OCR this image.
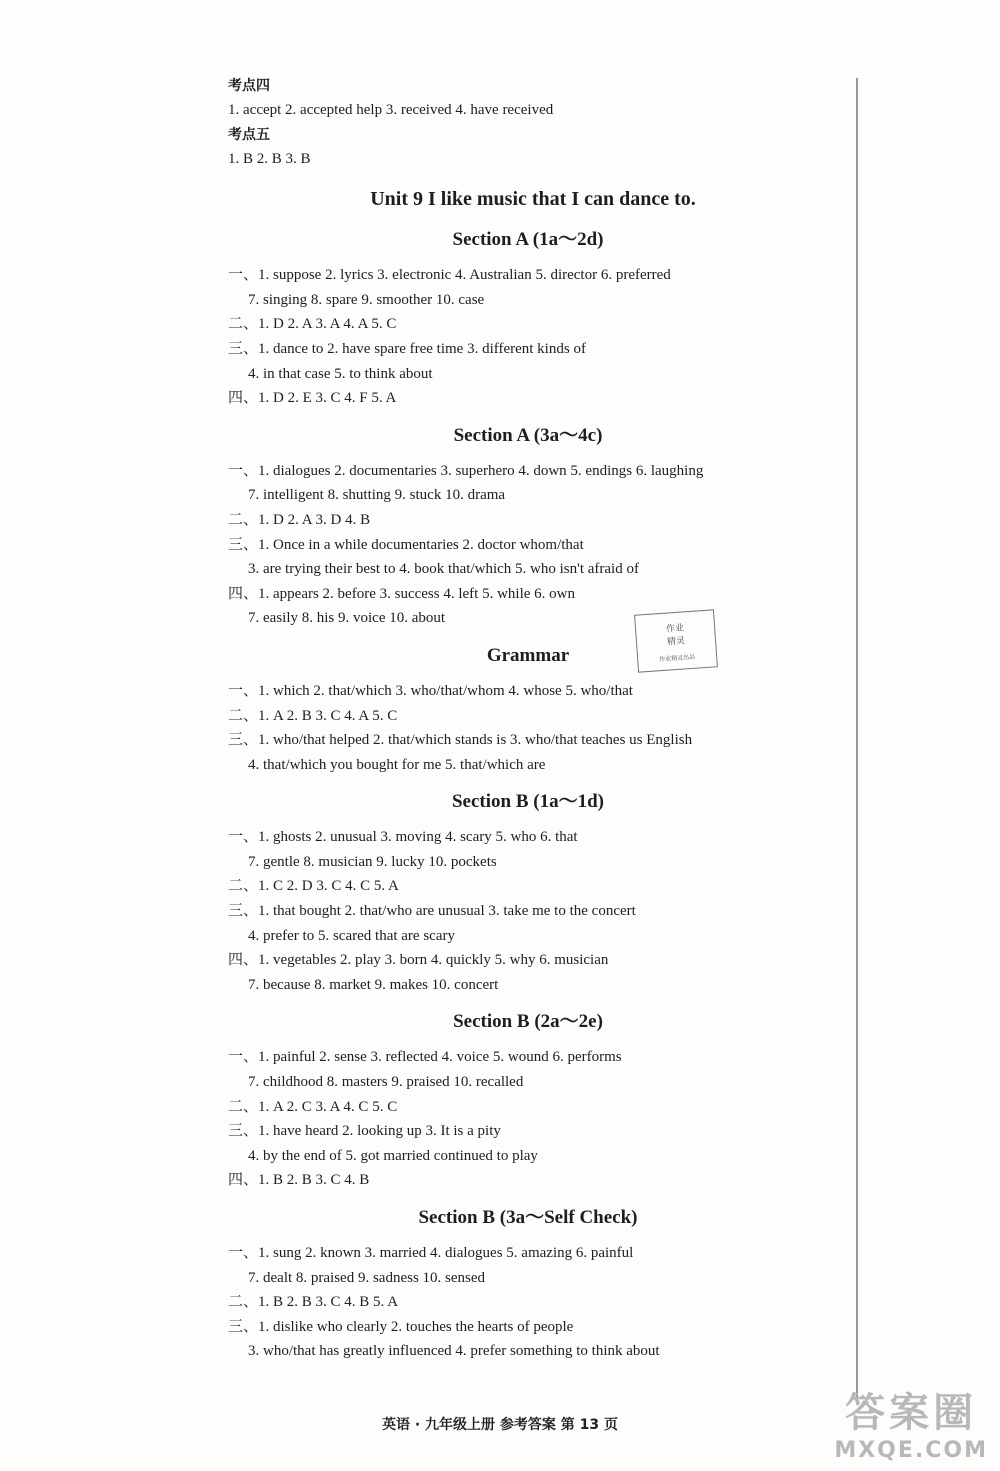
考点四
1. accept 2. accepted help 3. received 4. have received
考点五
1. B 2. B 3. B
Unit 9 I like music that I can dance to.
Section A (1a～2d)
一、1. suppose 2. lyrics 3. electronic 4. Australian 5. director 6. preferred
7. singing 8. spare 9. smoother 10. case
二、1. D 2. A 3. A 4. A 5. C
三、1. dance to 2. have spare free time 3. different kinds of
4. in that case 5. to think about
四、1. D 2. E 3. C 4. F 5. A
Section A (3a～4c)
一、1. dialogues 2. documentaries 3. superhero 4. down 5. endings 6. laughing
7. intelligent 8. shutting 9. stuck 10. drama
二、1. D 2. A 3. D 4. B
三、1. Once in a while documentaries 2. doctor whom/that
3. are trying their best to 4. book that/which 5. who isn't afraid of
四、1. appears 2. before 3. success 4. left 5. while 6. own
7. easily 8. his 9. voice 10. about
Grammar
一、1. which 2. that/which 3. who/that/whom 4. whose 5. who/that
二、1. A 2. B 3. C 4. A 5. C
三、1. who/that helped 2. that/which stands is 3. who/that teaches us English
4. that/which you bought for me 5. that/which are
Section B (1a～1d)
一、1. ghosts 2. unusual 3. moving 4. scary 5. who 6. that
7. gentle 8. musician 9. lucky 10. pockets
二、1. C 2. D 3. C 4. C 5. A
三、1. that bought 2. that/who are unusual 3. take me to the concert
4. prefer to 5. scared that are scary
四、1. vegetables 2. play 3. born 4. quickly 5. why 6. musician
7. because 8. market 9. makes 10. concert
Section B (2a～2e)
一、1. painful 2. sense 3. reflected 4. voice 5. wound 6. performs
7. childhood 8. masters 9. praised 10. recalled
二、1. A 2. C 3. A 4. C 5. C
三、1. have heard 2. looking up 3. It is a pity
4. by the end of 5. got married continued to play
四、1. B 2. B 3. C 4. B
Section B (3a～Self Check)
一、1. sung 2. known 3. married 4. dialogues 5. amazing 6. painful
7. dealt 8. praised 9. sadness 10. sensed
二、1. B 2. B 3. C 4. B 5. A
三、1. dislike who clearly 2. touches the hearts of people
3. who/that has greatly influenced 4. prefer something to think about
作业
精灵
作业精灵出品
英语 · 九年级上册 参考答案 第 13 页	答案圈
MXQE.COM
